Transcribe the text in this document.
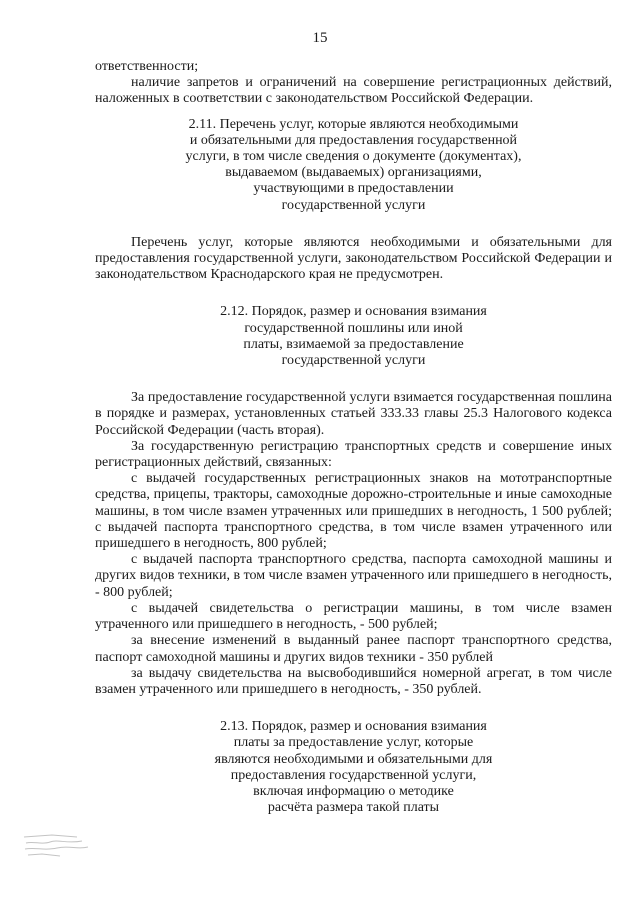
15

ответственности;

наличие запретов и ограничений на совершение регистрационных действий, наложенных в соответствии с законодательством Российской Федерации.

2.11. Перечень услуг, которые являются необходимыми
и обязательными для предоставления государственной
услуги, в том числе сведения о документе (документах),
выдаваемом (выдаваемых) организациями,
участвующими в предоставлении
государственной услуги

Перечень услуг, которые являются необходимыми и обязательными для предоставления государственной услуги, законодательством Российской Федерации и законодательством Краснодарского края не предусмотрен.

2.12. Порядок, размер и основания взимания
государственной пошлины или иной
платы, взимаемой за предоставление
государственной услуги

За предоставление государственной услуги взимается государственная пошлина в порядке и размерах, установленных статьей 333.33 главы 25.3 Налогового кодекса Российской Федерации (часть вторая).

За государственную регистрацию транспортных средств и совершение иных регистрационных действий, связанных:

с выдачей государственных регистрационных знаков на мототранспортные средства, прицепы, тракторы, самоходные дорожно-строительные и иные самоходные машины, в том числе взамен утраченных или пришедших в негодность, 1 500 рублей; с выдачей паспорта транспортного средства, в том числе взамен утраченного или пришедшего в негодность, 800 рублей;

с выдачей паспорта транспортного средства, паспорта самоходной машины и других видов техники, в том числе взамен утраченного или пришедшего в негодность, - 800 рублей;

с выдачей свидетельства о регистрации машины, в том числе взамен утраченного или пришедшего в негодность, - 500 рублей;

за внесение изменений в выданный ранее паспорт транспортного средства, паспорт самоходной машины и других видов техники - 350 рублей

за выдачу свидетельства на высвободившийся номерной агрегат, в том числе взамен утраченного или пришедшего в негодность, - 350 рублей.

2.13. Порядок, размер и основания взимания
платы за предоставление услуг, которые
являются необходимыми и обязательными для
предоставления государственной услуги,
включая информацию о методике
расчёта размера такой платы
